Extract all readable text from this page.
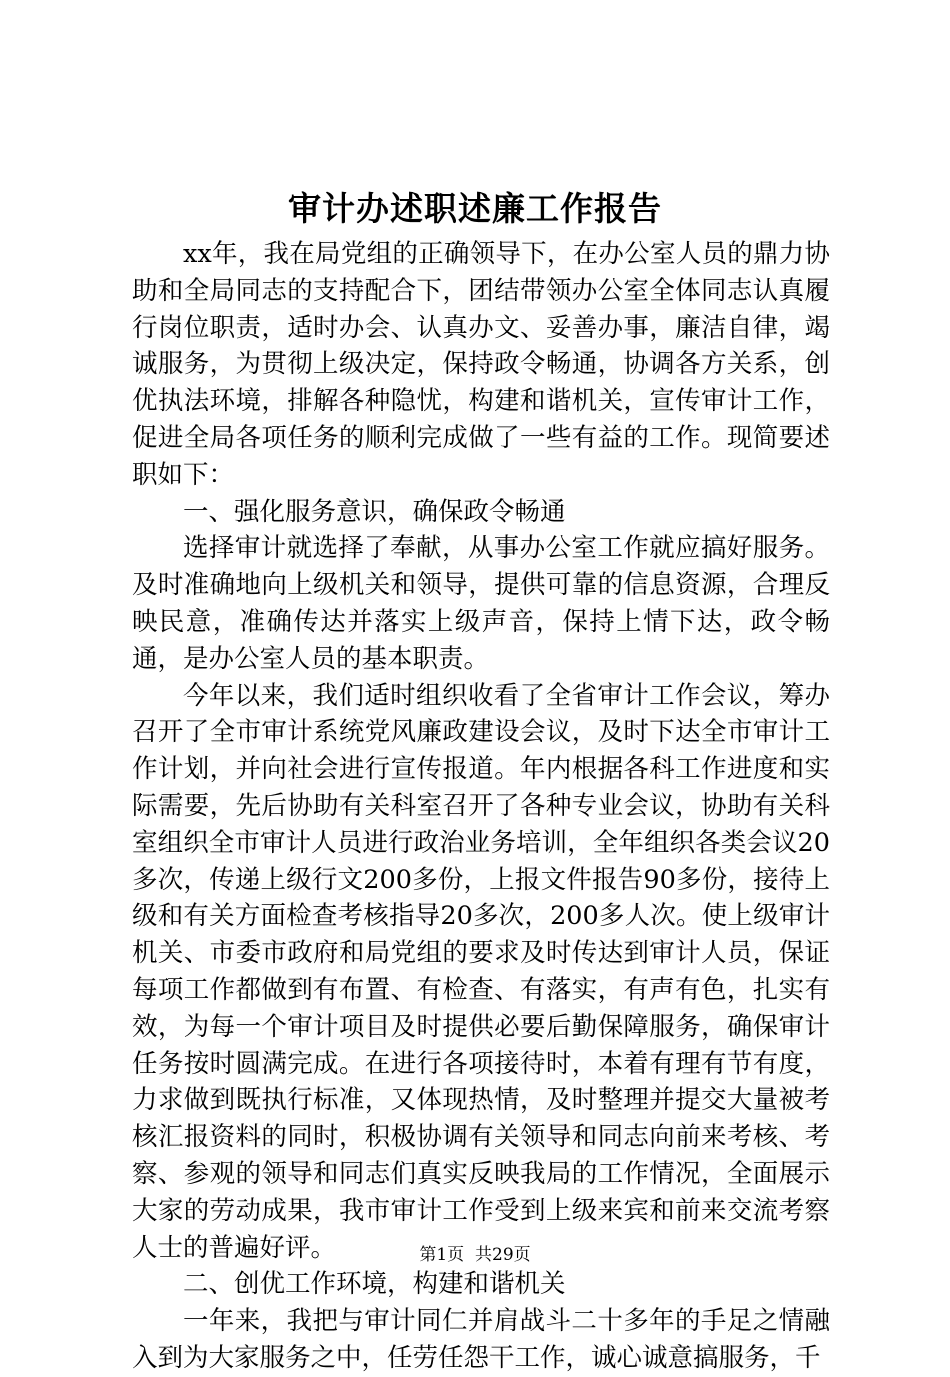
审计办述职述廉工作报告

xx年，我在局党组的正确领导下，在办公室人员的鼎力协助和全局同志的支持配合下，团结带领办公室全体同志认真履行岗位职责，适时办会、认真办文、妥善办事，廉洁自律，竭诚服务，为贯彻上级决定，保持政令畅通，协调各方关系，创优执法环境，排解各种隐忧，构建和谐机关，宣传审计工作，促进全局各项任务的顺利完成做了一些有益的工作。现简要述职如下：

一、强化服务意识，确保政令畅通

选择审计就选择了奉献，从事办公室工作就应搞好服务。及时准确地向上级机关和领导，提供可靠的信息资源，合理反映民意，准确传达并落实上级声音，保持上情下达，政令畅通，是办公室人员的基本职责。

今年以来，我们适时组织收看了全省审计工作会议，筹办召开了全市审计系统党风廉政建设会议，及时下达全市审计工作计划，并向社会进行宣传报道。年内根据各科工作进度和实际需要，先后协助有关科室召开了各种专业会议，协助有关科室组织全市审计人员进行政治业务培训，全年组织各类会议20多次，传递上级行文200多份，上报文件报告90多份，接待上级和有关方面检查考核指导20多次，200多人次。使上级审计机关、市委市政府和局党组的要求及时传达到审计人员，保证每项工作都做到有布置、有检查、有落实，有声有色，扎实有效，为每一个审计项目及时提供必要后勤保障服务，确保审计任务按时圆满完成。在进行各项接待时，本着有理有节有度，力求做到既执行标准，又体现热情，及时整理并提交大量被考核汇报资料的同时，积极协调有关领导和同志向前来考核、考察、参观的领导和同志们真实反映我局的工作情况，全面展示大家的劳动成果，我市审计工作受到上级来宾和前来交流考察人士的普遍好评。

二、创优工作环境，构建和谐机关

一年来，我把与审计同仁并肩战斗二十多年的手足之情融入到为大家服务之中，任劳任怨干工作，诚心诚意搞服务，千

第1页 共29页
